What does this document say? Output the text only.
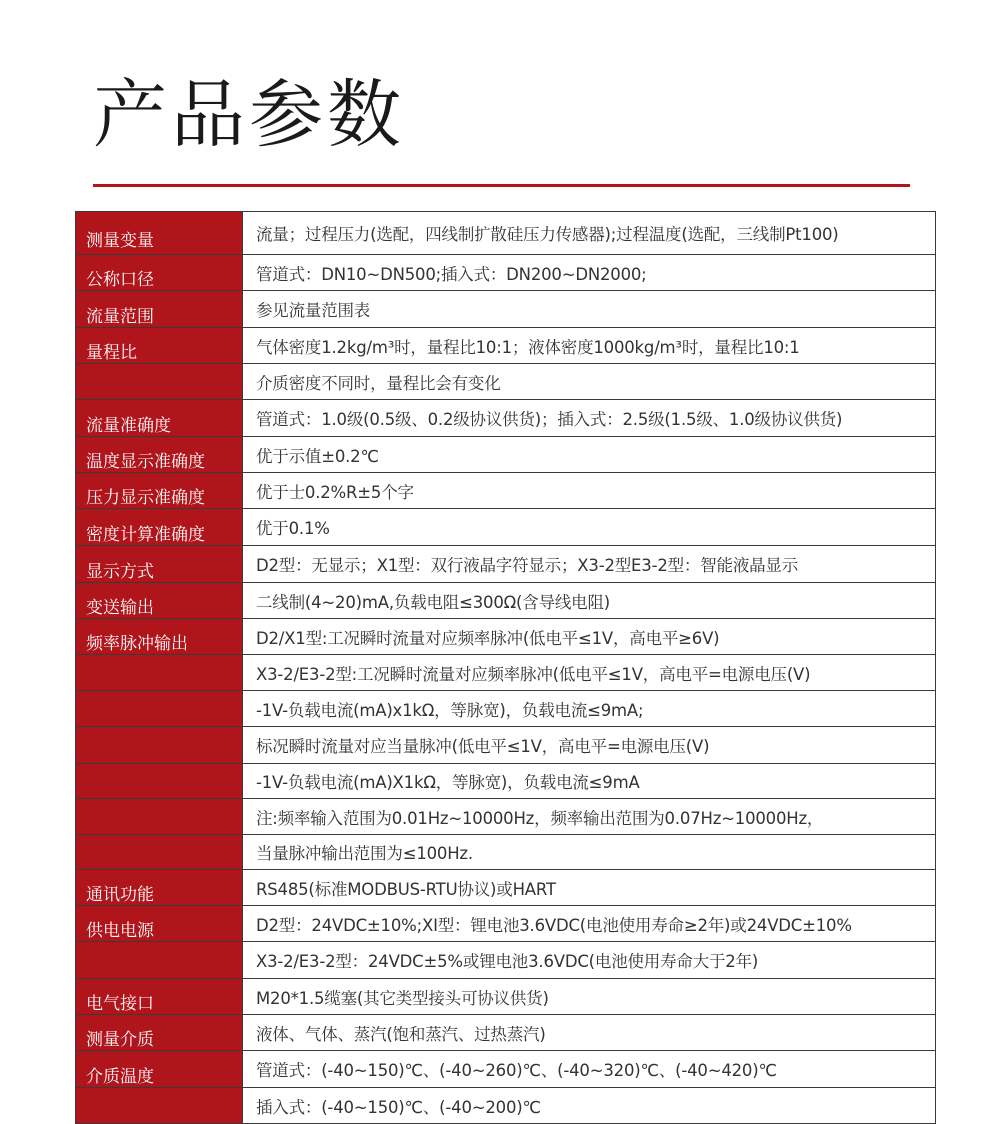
产品参数
测量变量	流量；过程压力(选配，四线制扩散硅压力传感器);过程温度(选配，三线制Pt100)
公称口径	管道式：DN10~DN500;插入式：DN200~DN2000;
流量范围	参见流量范围表
量程比	气体密度1.2kg/m³时，量程比10:1；液体密度1000kg/m³时，量程比10:1
	介质密度不同时，量程比会有变化
流量准确度	管道式：1.0级(0.5级、0.2级协议供货)；插入式：2.5级(1.5级、1.0级协议供货)
温度显示准确度	优于示值±0.2℃
压力显示准确度	优于士0.2%R±5个字
密度计算准确度	优于0.1%
显示方式	D2型：无显示；X1型：双行液晶字符显示；X3-2型E3-2型：智能液晶显示
变送输出	二线制(4~20)mA,负载电阻≤300Ω(含导线电阻)
频率脉冲输出	D2/X1型:工况瞬时流量对应频率脉冲(低电平≤1V，高电平≥6V)
	X3-2/E3-2型:工况瞬时流量对应频率脉冲(低电平≤1V，高电平=电源电压(V)
	-1V-负载电流(mA)x1kΩ，等脉宽)，负载电流≤9mA;
	标况瞬时流量对应当量脉冲(低电平≤1V，高电平=电源电压(V)
	-1V-负载电流(mA)X1kΩ，等脉宽)，负载电流≤9mA
	注:频率输入范围为0.01Hz~10000Hz，频率输出范围为0.07Hz~10000Hz，
	当量脉冲输出范围为≤100Hz.
通讯功能	RS485(标准MODBUS-RTU协议)或HART
供电电源	D2型：24VDC±10%;XI型：锂电池3.6VDC(电池使用寿命≥2年)或24VDC±10%
	X3-2/E3-2型：24VDC±5%或锂电池3.6VDC(电池使用寿命大于2年)
电气接口	M20*1.5缆塞(其它类型接头可协议供货)
测量介质	液体、气体、蒸汽(饱和蒸汽、过热蒸汽)
介质温度	管道式：(-40~150)℃、(-40~260)℃、(-40~320)℃、(-40~420)℃
	插入式：(-40~150)℃、(-40~200)℃
